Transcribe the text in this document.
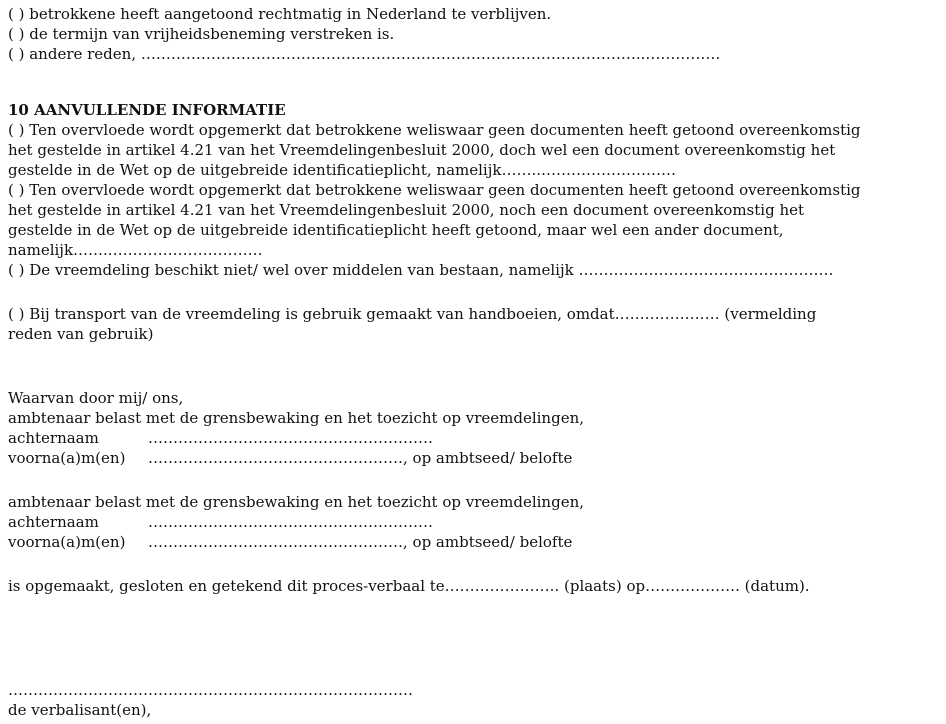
( ) betrokkene heeft aangetoond rechtmatig in Nederland te verblijven.
( ) de termijn van vrijheidsbeneming verstreken is.
( ) andere reden, ………………………………………………………………………………………..……………
10 AANVULLENDE INFORMATIE
( ) Ten overvloede wordt opgemerkt dat betrokkene weliswaar geen documenten heeft getoond overeenkomstig
het gestelde in artikel 4.21 van het Vreemdelingenbesluit 2000, doch wel een document overeenkomstig het
gestelde in de Wet op de uitgebreide identificatieplicht, namelijk……..………………………
( ) Ten overvloede wordt opgemerkt dat betrokkene weliswaar geen documenten heeft getoond overeenkomstig
het gestelde in artikel 4.21 van het Vreemdelingenbesluit 2000, noch een document overeenkomstig het
gestelde in de Wet op de uitgebreide identificatieplicht heeft getoond, maar wel een ander document,
namelijk……..…………………………
( ) De vreemdeling beschikt niet/ wel over middelen van bestaan, namelijk ……………………………………………
( ) Bij transport van de vreemdeling is gebruik gemaakt van handboeien, omdat………………… (vermelding
reden van gebruik)
Waarvan door mij/ ons,
ambtenaar belast met de grensbewaking en het toezicht op vreemdelingen,
achternaam	…………………………………………………
voorna(a)m(en) ……………………………………………, op ambtseed/ belofte
ambtenaar belast met de grensbewaking en het toezicht op vreemdelingen,
achternaam	…………………………………………………
voorna(a)m(en) ……………………………………………, op ambtseed/ belofte
is opgemaakt, gesloten en getekend dit proces-verbaal te………………….. (plaats) op………………. (datum).
………………………………………………………………………
de verbalisant(en),
